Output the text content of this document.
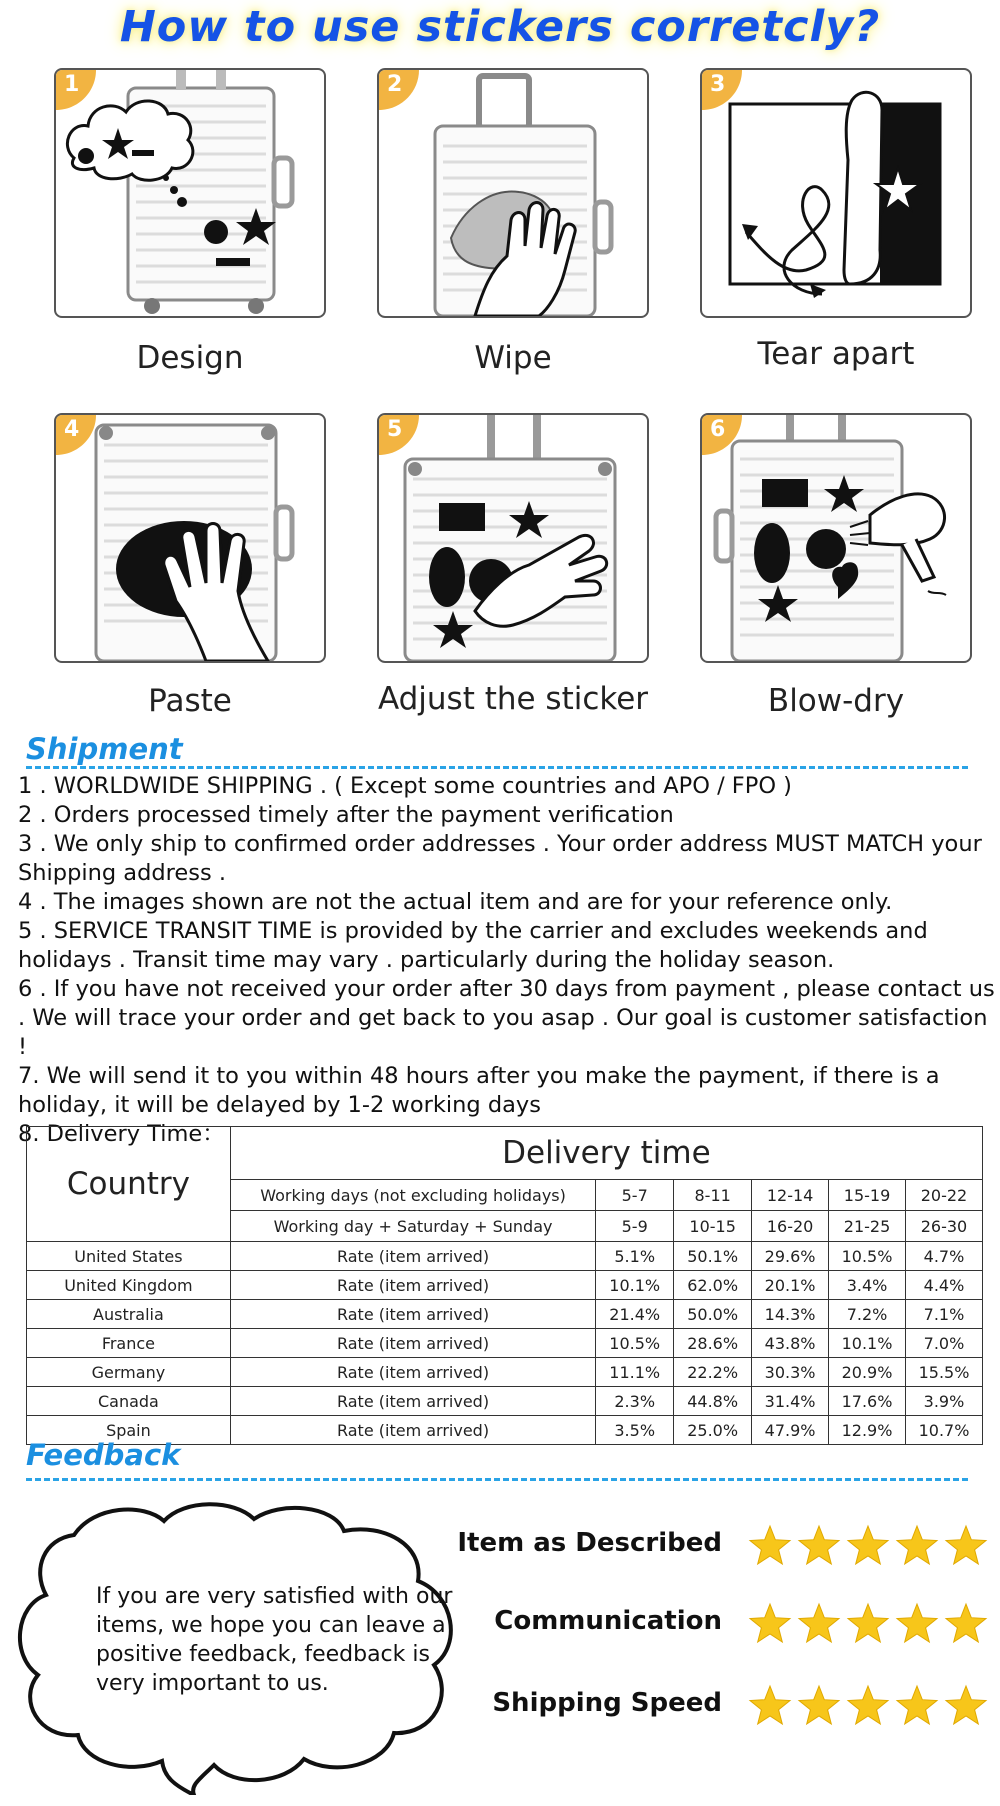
How to use stickers corretcly?
1
Design
2
Wipe
3
Tear apart
4
Paste
5
Adjust the sticker
6
Blow-dry
Shipment
1 . WORLDWIDE SHIPPING . ( Except some countries and APO / FPO )
2 . Orders processed timely after the payment verification
3 . We only ship to confirmed order addresses . Your order address MUST MATCH your Shipping address .
4 . The images shown are not the actual item and are for your reference only.
5 . SERVICE TRANSIT TIME is provided by the carrier and excludes weekends and holidays . Transit time may vary . particularly during the holiday season.
6 . If you have not received your order after 30 days from payment , please contact us . We will trace your order and get back to you asap . Our goal is customer satisfaction !
7. We will send it to you within 48 hours after you make the payment, if there is a holiday, it will be delayed by 1-2 working days
8. Delivery Time：
Country	Delivery time					
	Working days (not excluding holidays)	5-7	8-11	12-14	15-19	20-22
	Working day + Saturday + Sunday	5-9	10-15	16-20	21-25	26-30
United States	Rate (item arrived)	5.1%	50.1%	29.6%	10.5%	4.7%
United Kingdom	Rate (item arrived)	10.1%	62.0%	20.1%	3.4%	4.4%
Australia	Rate (item arrived)	21.4%	50.0%	14.3%	7.2%	7.1%
France	Rate (item arrived)	10.5%	28.6%	43.8%	10.1%	7.0%
Germany	Rate (item arrived)	11.1%	22.2%	30.3%	20.9%	15.5%
Canada	Rate (item arrived)	2.3%	44.8%	31.4%	17.6%	3.9%
Spain	Rate (item arrived)	3.5%	25.0%	47.9%	12.9%	10.7%
Feedback

If you are very satisfied with our items, we hope you can leave a positive feedback, feedback is very important to us.

Item as Described
Communication
Shipping Speed
